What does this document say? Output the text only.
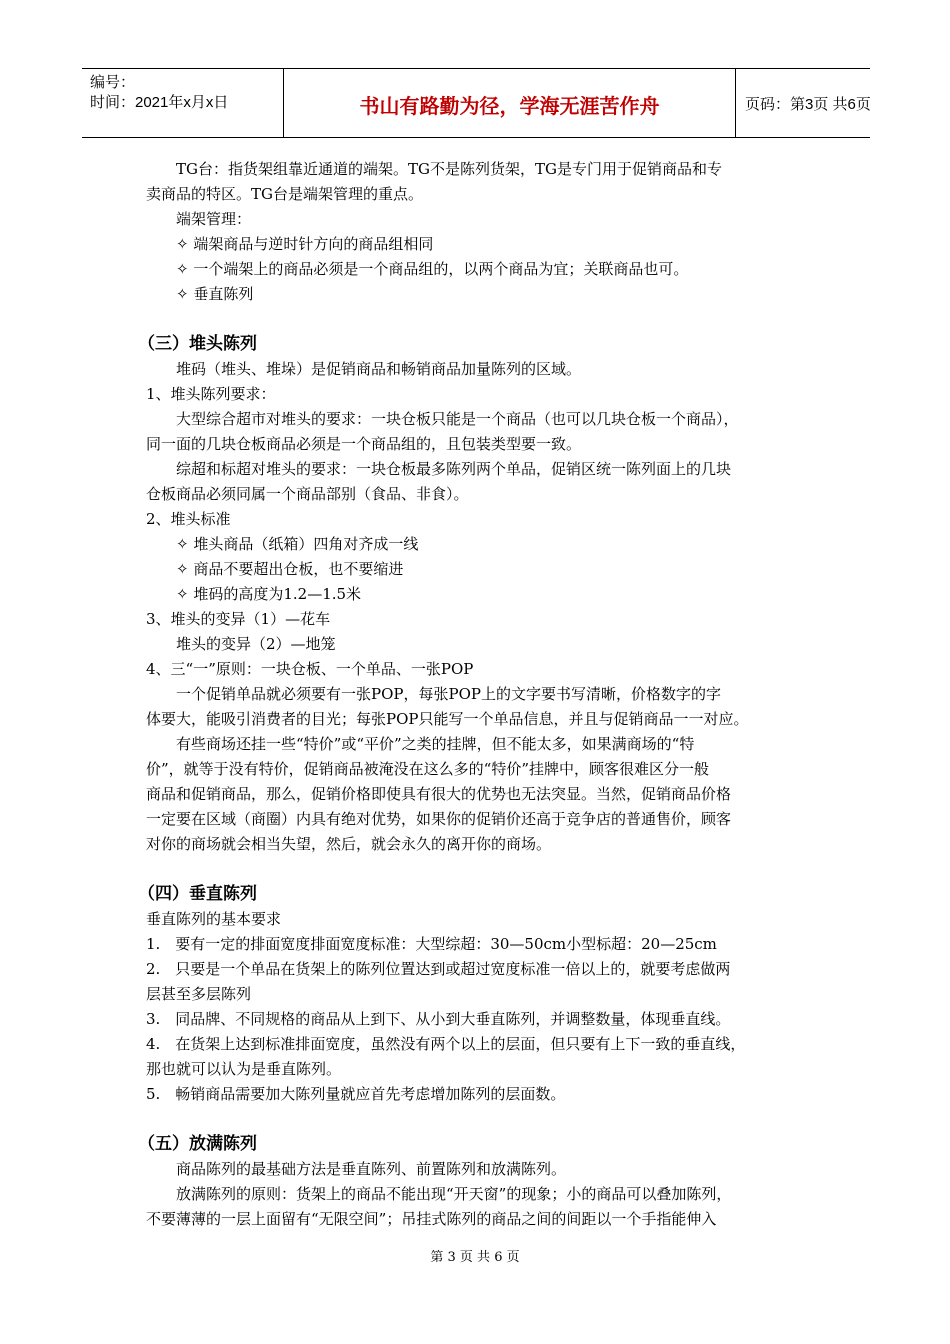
编号：
时间：2021年x月x日	书山有路勤为径，学海无涯苦作舟	页码：第3页 共6页
TG台：指货架组靠近通道的端架。TG不是陈列货架，TG是专门用于促销商品和专
卖商品的特区。TG台是端架管理的重点。
端架管理：
✧ 端架商品与逆时针方向的商品组相同
✧ 一个端架上的商品必须是一个商品组的，以两个商品为宜；关联商品也可。
✧ 垂直陈列
（三）堆头陈列
堆码（堆头、堆垛）是促销商品和畅销商品加量陈列的区域。
1、堆头陈列要求：
大型综合超市对堆头的要求：一块仓板只能是一个商品（也可以几块仓板一个商品），
同一面的几块仓板商品必须是一个商品组的，且包装类型要一致。
综超和标超对堆头的要求：一块仓板最多陈列两个单品，促销区统一陈列面上的几块
仓板商品必须同属一个商品部别（食品、非食）。
2、堆头标准
✧ 堆头商品（纸箱）四角对齐成一线
✧ 商品不要超出仓板，也不要缩进
✧ 堆码的高度为1.2—1.5米
3、堆头的变异（1）—花车
堆头的变异（2）—地笼
4、三“一”原则：一块仓板、一个单品、一张POP
一个促销单品就必须要有一张POP，每张POP上的文字要书写清晰，价格数字的字
体要大，能吸引消费者的目光；每张POP只能写一个单品信息，并且与促销商品一一对应。
有些商场还挂一些“特价”或“平价”之类的挂牌，但不能太多，如果满商场的“特
价”，就等于没有特价，促销商品被淹没在这么多的“特价”挂牌中，顾客很难区分一般
商品和促销商品，那么，促销价格即使具有很大的优势也无法突显。当然，促销商品价格
一定要在区域（商圈）内具有绝对优势，如果你的促销价还高于竞争店的普通售价，顾客
对你的商场就会相当失望，然后，就会永久的离开你的商场。
（四）垂直陈列
垂直陈列的基本要求
1.　要有一定的排面宽度排面宽度标准：大型综超：30—50cm小型标超：20—25cm
2.　只要是一个单品在货架上的陈列位置达到或超过宽度标准一倍以上的，就要考虑做两
层甚至多层陈列
3.　同品牌、不同规格的商品从上到下、从小到大垂直陈列，并调整数量，体现垂直线。
4.　在货架上达到标准排面宽度，虽然没有两个以上的层面，但只要有上下一致的垂直线，
那也就可以认为是垂直陈列。
5.　畅销商品需要加大陈列量就应首先考虑增加陈列的层面数。
（五）放满陈列
商品陈列的最基础方法是垂直陈列、前置陈列和放满陈列。
放满陈列的原则：货架上的商品不能出现“开天窗”的现象；小的商品可以叠加陈列，
不要薄薄的一层上面留有“无限空间”；吊挂式陈列的商品之间的间距以一个手指能伸入
第 3 页 共 6 页
